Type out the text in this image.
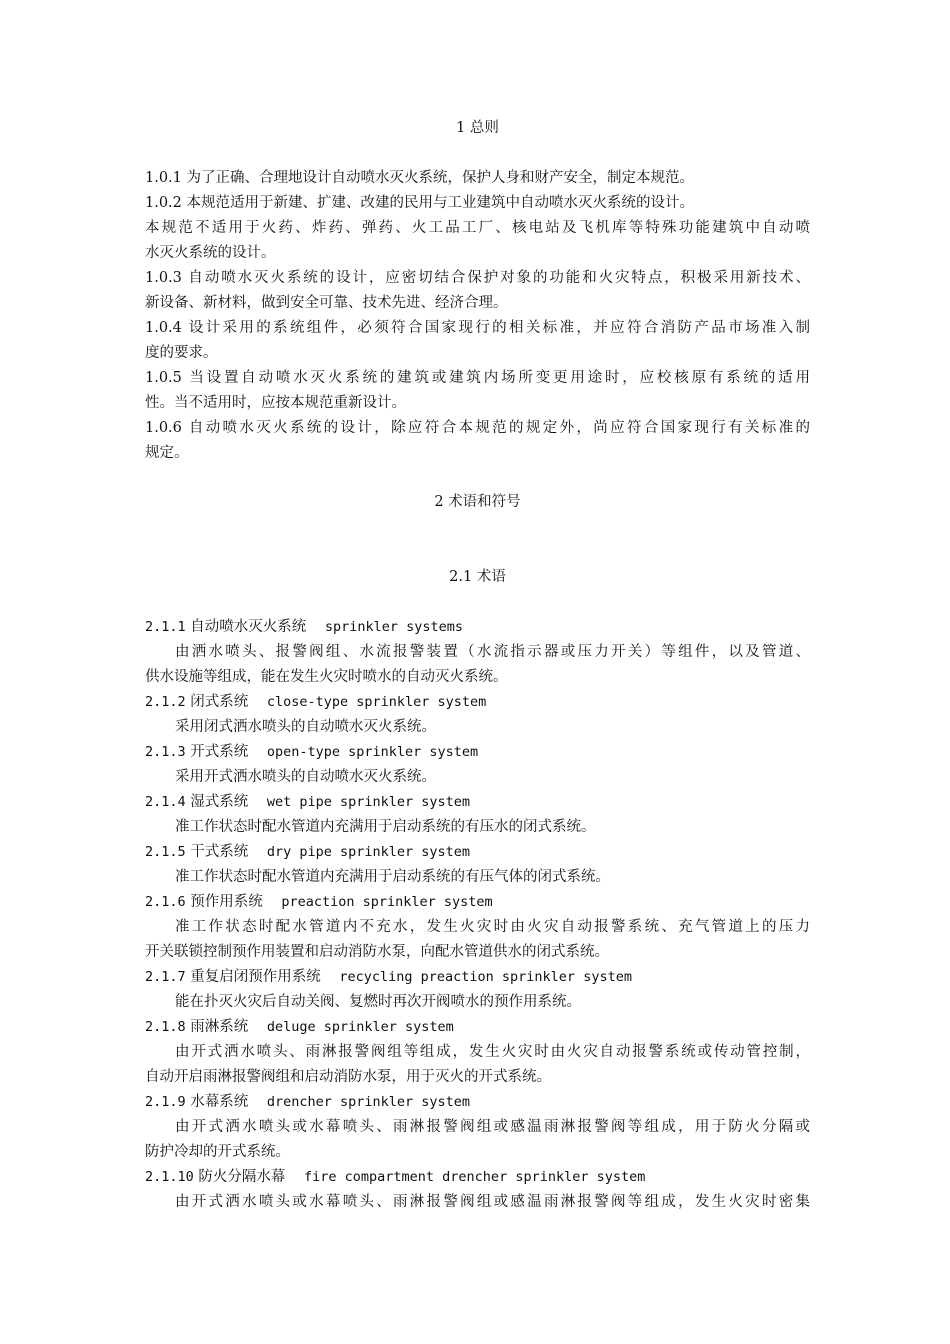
1 总则
1.0.1 为了正确、合理地设计自动喷水灭火系统，保护人身和财产安全，制定本规范。
1.0.2 本规范适用于新建、扩建、改建的民用与工业建筑中自动喷水灭火系统的设计。
本规范不适用于火药、炸药、弹药、火工品工厂、核电站及飞机库等特殊功能建筑中自动喷
水灭火系统的设计。
1.0.3 自动喷水灭火系统的设计，应密切结合保护对象的功能和火灾特点，积极采用新技术、
新设备、新材料，做到安全可靠、技术先进、经济合理。
1.0.4 设计采用的系统组件，必须符合国家现行的相关标准，并应符合消防产品市场准入制
度的要求。
1.0.5 当设置自动喷水灭火系统的建筑或建筑内场所变更用途时，应校核原有系统的适用
性。当不适用时，应按本规范重新设计。
1.0.6 自动喷水灭火系统的设计，除应符合本规范的规定外，尚应符合国家现行有关标准的
规定。
2 术语和符号
2.1 术语
2.1.1 自动喷水灭火系统 sprinkler systems
由洒水喷头、报警阀组、水流报警装置（水流指示器或压力开关）等组件，以及管道、
供水设施等组成，能在发生火灾时喷水的自动灭火系统。
2.1.2 闭式系统 close-type sprinkler system
采用闭式洒水喷头的自动喷水灭火系统。
2.1.3 开式系统 open-type sprinkler system
采用开式洒水喷头的自动喷水灭火系统。
2.1.4 湿式系统 wet pipe sprinkler system
准工作状态时配水管道内充满用于启动系统的有压水的闭式系统。
2.1.5 干式系统 dry pipe sprinkler system
准工作状态时配水管道内充满用于启动系统的有压气体的闭式系统。
2.1.6 预作用系统 preaction sprinkler system
准工作状态时配水管道内不充水，发生火灾时由火灾自动报警系统、充气管道上的压力
开关联锁控制预作用装置和启动消防水泵，向配水管道供水的闭式系统。
2.1.7 重复启闭预作用系统 recycling preaction sprinkler system
能在扑灭火灾后自动关阀、复燃时再次开阀喷水的预作用系统。
2.1.8 雨淋系统 deluge sprinkler system
由开式洒水喷头、雨淋报警阀组等组成，发生火灾时由火灾自动报警系统或传动管控制，
自动开启雨淋报警阀组和启动消防水泵，用于灭火的开式系统。
2.1.9 水幕系统 drencher sprinkler system
由开式洒水喷头或水幕喷头、雨淋报警阀组或感温雨淋报警阀等组成，用于防火分隔或
防护冷却的开式系统。
2.1.10 防火分隔水幕 fire compartment drencher sprinkler system
由开式洒水喷头或水幕喷头、雨淋报警阀组或感温雨淋报警阀等组成，发生火灾时密集
